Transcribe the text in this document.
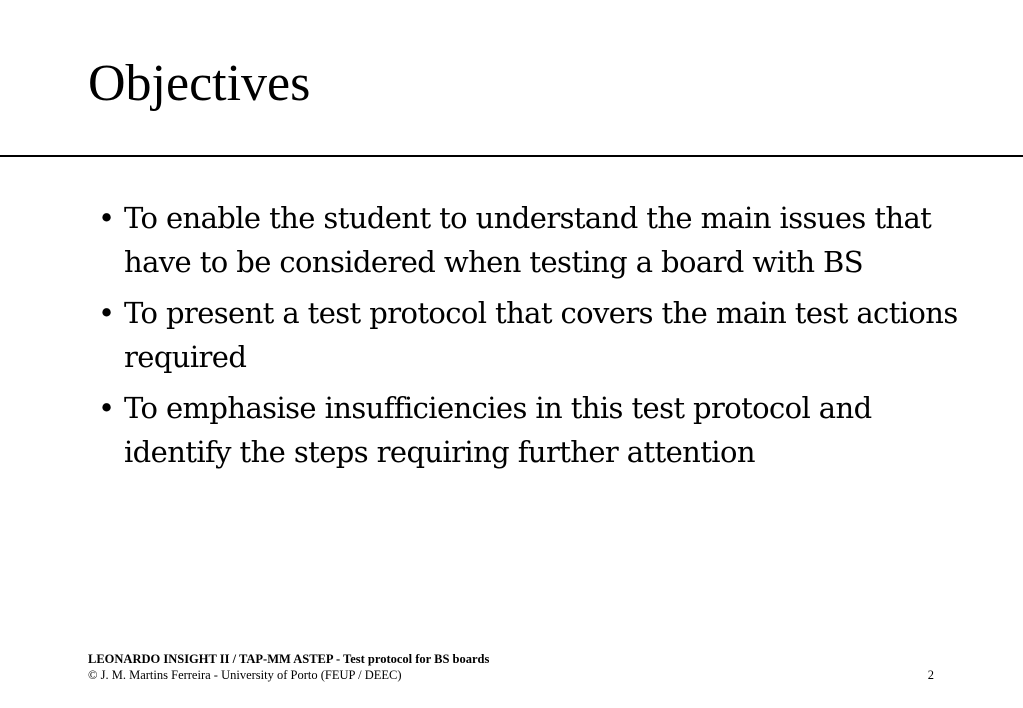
Objectives
• To enable the student to understand the main issues that have to be considered when testing a board with BS
• To present a test protocol that covers the main test actions required
• To emphasise insufficiencies in this test protocol and identify the steps requiring further attention
LEONARDO INSIGHT II / TAP-MM ASTEP - Test protocol for BS boards
© J. M. Martins Ferreira - University of Porto (FEUP / DEEC)	2
